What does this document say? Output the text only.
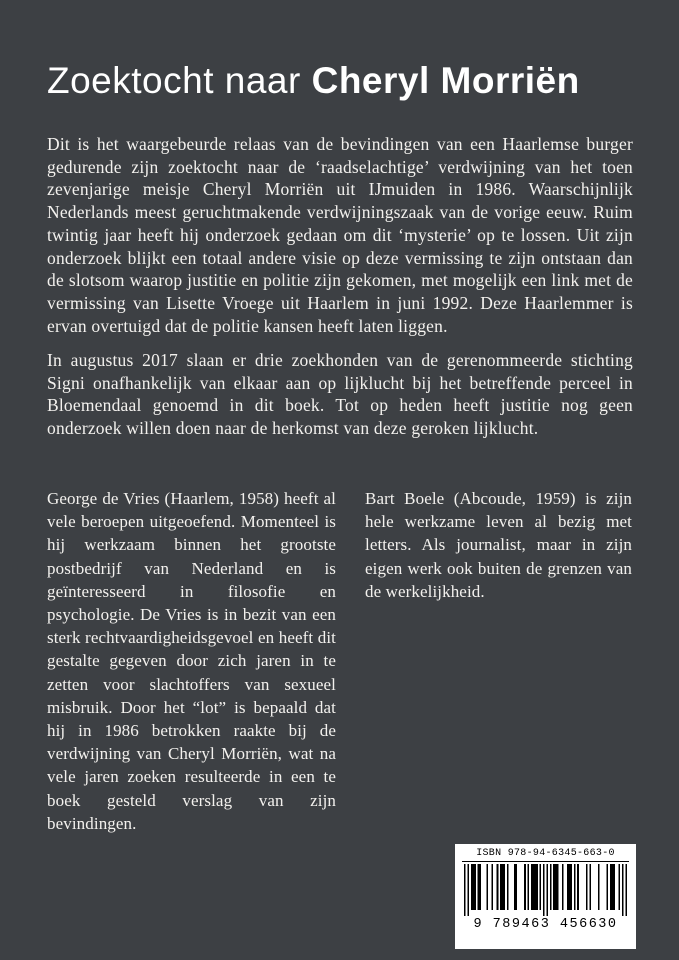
Zoektocht naar Cheryl Morriën

Dit is het waargebeurde relaas van de bevindingen van een Haarlemse burger gedurende zijn zoektocht naar de ‘raadselachtige’ verdwijning van het toen zevenjarige meisje Cheryl Morriën uit IJmuiden in 1986. Waarschijnlijk Nederlands meest geruchtmakende verdwijningszaak van de vorige eeuw. Ruim twintig jaar heeft hij onderzoek gedaan om dit ‘mysterie’ op te lossen. Uit zijn onderzoek blijkt een totaal andere visie op deze vermissing te zijn ontstaan dan de slotsom waarop justitie en politie zijn gekomen, met mogelijk een link met de vermissing van Lisette Vroege uit Haarlem in juni 1992. Deze Haarlemmer is ervan overtuigd dat de politie kansen heeft laten liggen.

In augustus 2017 slaan er drie zoekhonden van de gerenommeerde stichting Signi onafhankelijk van elkaar aan op lijklucht bij het betreffende perceel in Bloemendaal genoemd in dit boek. Tot op heden heeft justitie nog geen onderzoek willen doen naar de herkomst van deze geroken lijklucht.

George de Vries (Haarlem, 1958) heeft al vele beroepen uitgeoefend. Momenteel is hij werkzaam binnen het grootste postbedrijf van Nederland en is geïnteresseerd in filosofie en psychologie. De Vries is in bezit van een sterk rechtvaardigheidsgevoel en heeft dit gestalte gegeven door zich jaren in te zetten voor slachtoffers van sexueel misbruik. Door het “lot” is bepaald dat hij in 1986 betrokken raakte bij de verdwijning van Cheryl Morriën, wat na vele jaren zoeken resulteerde in een te boek gesteld verslag van zijn bevindingen.

Bart Boele (Abcoude, 1959) is zijn hele werkzame leven al bezig met letters. Als journalist, maar in zijn eigen werk ook buiten de grenzen van de werkelijkheid.

ISBN 978-94-6345-663-0
9 789463 456630
